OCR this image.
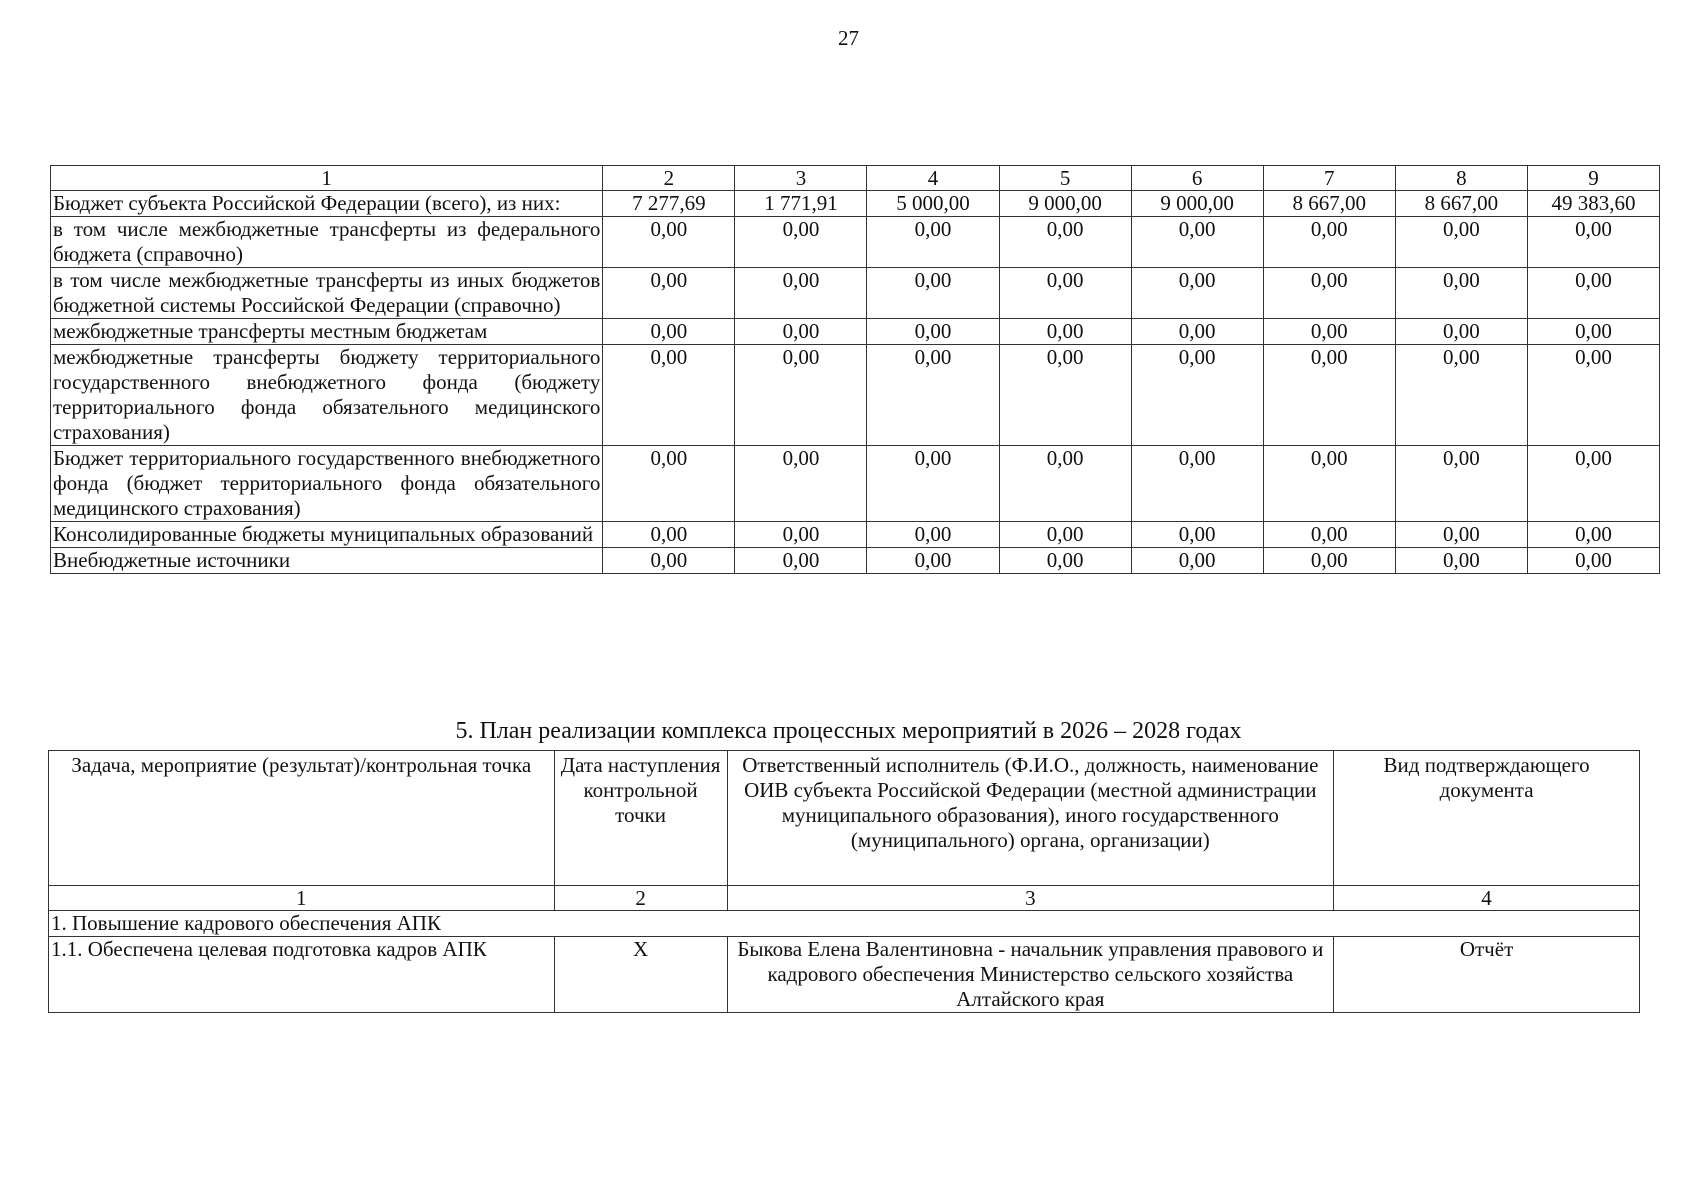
27
1	2	3	4	5	6	7	8	9
Бюджет субъекта Российской Федерации (всего), из них:	7 277,69	1 771,91	5 000,00	9 000,00	9 000,00	8 667,00	8 667,00	49 383,60
в том числе межбюджетные трансферты из федерального бюджета (справочно)	0,00	0,00	0,00	0,00	0,00	0,00	0,00	0,00
в том числе межбюджетные трансферты из иных бюджетов бюджетной системы Российской Федерации (справочно)	0,00	0,00	0,00	0,00	0,00	0,00	0,00	0,00
межбюджетные трансферты местным бюджетам	0,00	0,00	0,00	0,00	0,00	0,00	0,00	0,00
межбюджетные трансферты бюджету территориального государственного внебюджетного фонда (бюджету территориального фонда обязательного медицинского страхования)	0,00	0,00	0,00	0,00	0,00	0,00	0,00	0,00
Бюджет территориального государственного внебюджетного фонда (бюджет территориального фонда обязательного медицинского страхования)	0,00	0,00	0,00	0,00	0,00	0,00	0,00	0,00
Консолидированные бюджеты муниципальных образований	0,00	0,00	0,00	0,00	0,00	0,00	0,00	0,00
Внебюджетные источники	0,00	0,00	0,00	0,00	0,00	0,00	0,00	0,00
5. План реализации комплекса процессных мероприятий в 2026 – 2028 годах
Задача, мероприятие (результат)/контрольная точка	Дата наступления контрольной точки	Ответственный исполнитель (Ф.И.О., должность, наименование ОИВ субъекта Российской Федерации (местной администрации муниципального образования), иного государственного (муниципального) органа, организации)	Вид подтверждающего документа
1	2	3	4
1. Повышение кадрового обеспечения АПК			
1.1. Обеспечена целевая подготовка кадров АПК	X	Быкова Елена Валентиновна - начальник управления правового и кадрового обеспечения Министерство сельского хозяйства Алтайского края	Отчёт
